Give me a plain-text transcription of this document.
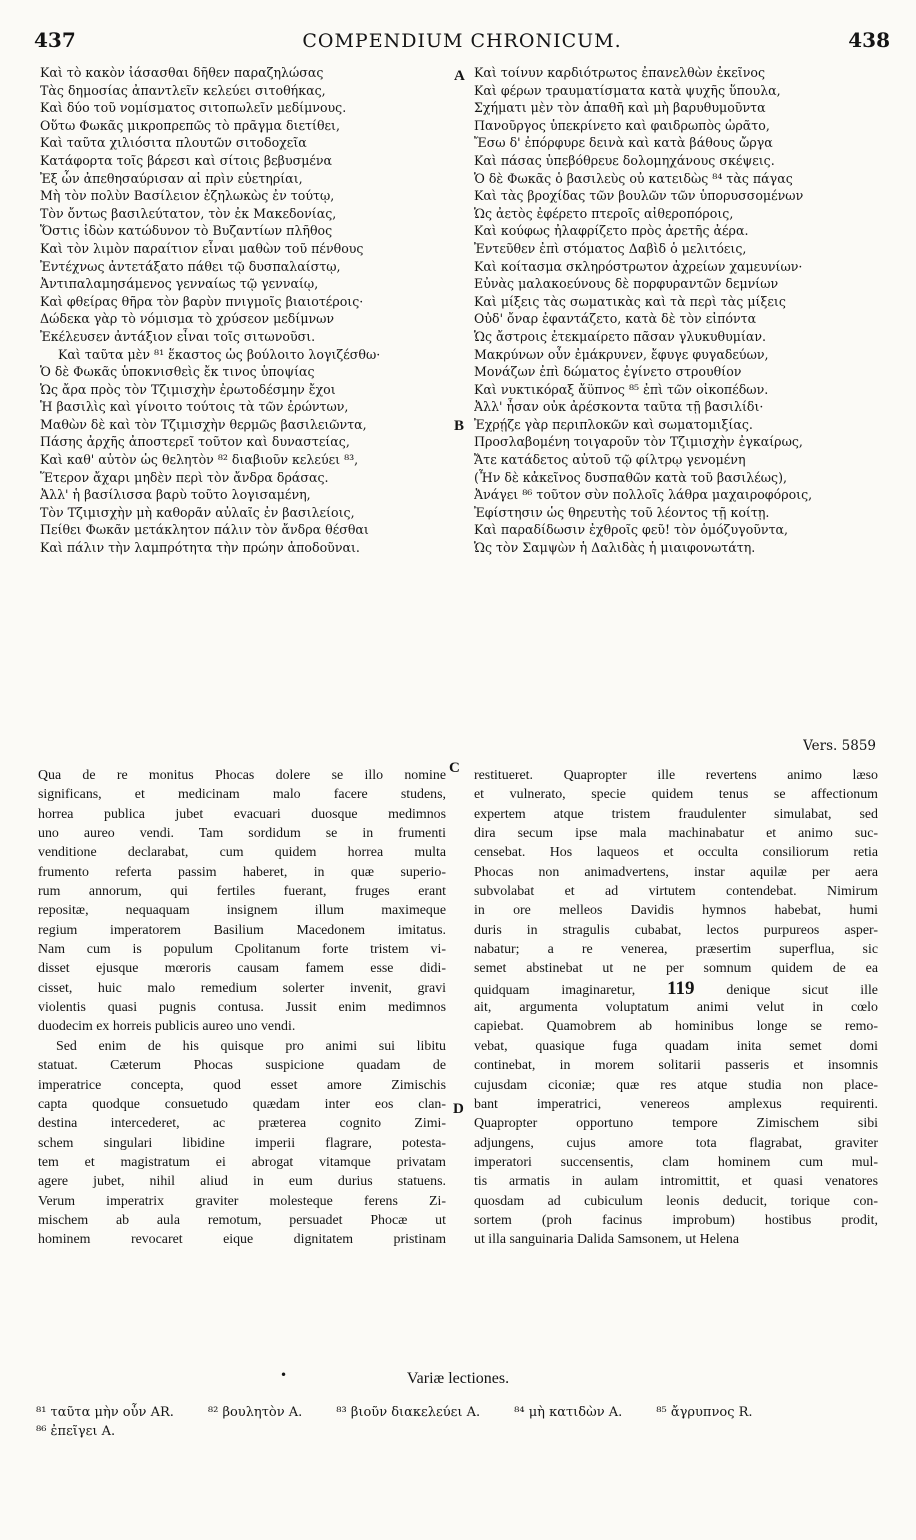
437	COMPENDIUM CHRONICUM.	438
Καὶ τὸ κακὸν ἰάσασθαι δῆθεν παραζηλώσας
Τὰς δημοσίας ἀπαντλεῖν κελεύει σιτοθήκας,
Καὶ δύο τοῦ νομίσματος σιτοπωλεῖν μεδίμνους.
Οὕτω Φωκᾶς μικροπρεπῶς τὸ πρᾶγμα διετίθει,
Καὶ ταῦτα χιλιόσιτα πλουτῶν σιτοδοχεῖα
Κατάφορτα τοῖς βάρεσι καὶ σίτοις βεβυσμένα
Ἐξ ὧν ἀπεθησαύρισαν αἱ πρὶν εὐετηρίαι,
Μὴ τὸν πολὺν Βασίλειον ἐζηλωκὼς ἐν τούτῳ,
Τὸν ὄντως βασιλεύτατον, τὸν ἐκ Μακεδονίας,
Ὅστις ἰδὼν κατώδυνον τὸ Βυζαντίων πλῆθος
Καὶ τὸν λιμὸν παραίτιον εἶναι μαθὼν τοῦ πένθους
Ἐντέχνως ἀντετάξατο πάθει τῷ δυσπαλαίστῳ,
Ἀντιπαλαμησάμενος γενναίως τῷ γενναίῳ,
Καὶ φθείρας θῆρα τὸν βαρὺν πνιγμοῖς βιαιοτέροις·
Δώδεκα γὰρ τὸ νόμισμα τὸ χρύσεον μεδίμνων
Ἐκέλευσεν ἀντάξιον εἶναι τοῖς σιτωνοῦσι.
Καὶ ταῦτα μὲν ⁸¹ ἕκαστος ὡς βούλοιτο λογιζέσθω·
Ὁ δὲ Φωκᾶς ὑποκνισθεὶς ἔκ τινος ὑποψίας
Ὡς ἄρα πρὸς τὸν Τζιμισχὴν ἐρωτοδέσμην ἔχοι
Ἡ βασιλὶς καὶ γίνοιτο τούτοις τὰ τῶν ἐρώντων,
Μαθὼν δὲ καὶ τὸν Τζιμισχὴν θερμῶς βασιλειῶντα,
Πάσης ἀρχῆς ἀποστερεῖ τοῦτον καὶ δυναστείας,
Καὶ καθ' αὑτὸν ὡς θελητὸν ⁸² διαβιοῦν κελεύει ⁸³,
Ἕτερον ἄχαρι μηδὲν περὶ τὸν ἄνδρα δράσας.
Ἀλλ' ἡ βασίλισσα βαρὺ τοῦτο λογισαμένη,
Τὸν Τζιμισχὴν μὴ καθορᾶν αὐλαῖς ἐν βασιλείοις,
Πείθει Φωκᾶν μετάκλητον πάλιν τὸν ἄνδρα θέσθαι
Καὶ πάλιν τὴν λαμπρότητα τὴν πρώην ἀποδοῦναι.
Καὶ τοίνυν καρδιότρωτος ἐπανελθὼν ἐκεῖνος
Καὶ φέρων τραυματίσματα κατὰ ψυχῆς ὕπουλα,
Σχήματι μὲν τὸν ἀπαθῆ καὶ μὴ βαρυθυμοῦντα
Πανοῦργος ὑπεκρίνετο καὶ φαιδρωπὸς ὡρᾶτο,
Ἔσω δ' ἐπόρφυρε δεινὰ καὶ κατὰ βάθους ὤργα
Καὶ πάσας ὑπεβόθρευε δολομηχάνους σκέψεις.
Ὁ δὲ Φωκᾶς ὁ βασιλεὺς οὐ κατειδὼς ⁸⁴ τὰς πάγας
Καὶ τὰς βροχίδας τῶν βουλῶν τῶν ὑπορυσσομένων
Ὡς ἀετὸς ἐφέρετο πτεροῖς αἰθεροπόροις,
Καὶ κούφως ἠλαφρίζετο πρὸς ἀρετῆς ἀέρα.
Ἐντεῦθεν ἐπὶ στόματος Δαβὶδ ὁ μελιτόεις,
Καὶ κοίτασμα σκληρόστρωτον ἀχρείων χαμευνίων·
Εὐνὰς μαλακοεύνους δὲ πορφυραντῶν δεμνίων
Καὶ μίξεις τὰς σωματικὰς καὶ τὰ περὶ τὰς μίξεις
Οὐδ' ὄναρ ἐφαντάζετο, κατὰ δὲ τὸν εἰπόντα
Ὡς ἄστροις ἐτεκμαίρετο πᾶσαν γλυκυθυμίαν.
Μακρύνων οὖν ἐμάκρυνεν, ἔφυγε φυγαδεύων,
Μονάζων ἐπὶ δώματος ἐγίνετο στρουθίον
Καὶ νυκτικόραξ ἄϋπνος ⁸⁵ ἐπὶ τῶν οἰκοπέδων.
Ἀλλ' ἦσαν οὐκ ἀρέσκοντα ταῦτα τῇ βασιλίδι·
Ἐχρῄζε γὰρ περιπλοκῶν καὶ σωματομιξίας.
Προσλαβομένη τοιγαροῦν τὸν Τζιμισχὴν ἐγκαίρως,
Ἄτε κατάδετος αὐτοῦ τῷ φίλτρῳ γενομένη
(Ἦν δὲ κἀκεῖνος δυσπαθῶν κατὰ τοῦ βασιλέως),
Ἀνάγει ⁸⁶ τοῦτον σὺν πολλοῖς λάθρα μαχαιροφόροις,
Ἐφίστησιν ὡς θηρευτὴς τοῦ λέοντος τῇ κοίτῃ.
Καὶ παραδίδωσιν ἐχθροῖς φεῦ! τὸν ὁμόζυγοῦντα,
Ὡς τὸν Σαμψὼν ἡ Δαλιδὰς ἡ μιαιφονωτάτη.
A
B
Vers. 5859
Qua de re monitus Phocas dolere se illo nomine
significans, et medicinam malo facere studens,
horrea publica jubet evacuari duosque medimnos
uno aureo vendi. Tam sordidum se in frumenti
venditione declarabat, cum quidem horrea multa
frumento referta passim haberet, in quæ superio-
rum annorum, qui fertiles fuerant, fruges erant
repositæ, nequaquam insignem illum maximeque
regium imperatorem Basilium Macedonem imitatus.
Nam cum is populum Cpolitanum forte tristem vi-
disset ejusque mœroris causam famem esse didi-
cisset, huic malo remedium solerter invenit, gravi
violentis quasi pugnis contusa. Jussit enim medimnos
duodecim ex horreis publicis aureo uno vendi.
Sed enim de his quisque pro animi sui libitu
statuat. Cæterum Phocas suspicione quadam de
imperatrice concepta, quod esset amore Zimischis
capta quodque consuetudo quædam inter eos clan-
destina intercederet, ac præterea cognito Zimi-
schem singulari libidine imperii flagrare, potesta-
tem et magistratum ei abrogat vitamque privatam
agere jubet, nihil aliud in eum durius statuens.
Verum imperatrix graviter molesteque ferens Zi-
mischem ab aula remotum, persuadet Phocæ ut
hominem revocaret eique dignitatem pristinam
C
D
restitueret. Quapropter ille revertens animo læso
et vulnerato, specie quidem tenus se affectionum
expertem atque tristem fraudulenter simulabat, sed
dira secum ipse mala machinabatur et animo suc-
censebat. Hos laqueos et occulta consiliorum retia
Phocas non animadvertens, instar aquilæ per aera
subvolabat et ad virtutem contendebat. Nimirum
in ore melleos Davidis hymnos habebat, humi
duris in stragulis cubabat, lectos purpureos asper-
nabatur; a re venerea, præsertim superflua, sic
semet abstinebat ut ne per somnum quidem de ea
quidquam imaginaretur, 119 denique sicut ille
ait, argumenta voluptatum animi velut in cœlo
capiebat. Quamobrem ab hominibus longe se remo-
vebat, quasique fuga quadam inita semet domi
continebat, in morem solitarii passeris et insomnis
cujusdam ciconiæ; quæ res atque studia non place-
bant imperatrici, venereos amplexus requirenti.
Quapropter opportuno tempore Zimischem sibi
adjungens, cujus amore tota flagrabat, graviter
imperatori succensentis, clam hominem cum mul-
tis armatis in aulam intromittit, et quasi venatores
quosdam ad cubiculum leonis deducit, torique con-
sortem (proh facinus improbum) hostibus prodit,
ut illa sanguinaria Dalida Samsonem, ut Helena
•	Variæ lectiones.
⁸¹ ταῦτα μὴν οὖν AR.	⁸² βουλητὸν A.	⁸³ βιοῦν διακελεύει A.	⁸⁴ μὴ κατιδὼν A.	⁸⁵ ἄγρυπνος R.
⁸⁶ ἐπεῖγει A.
